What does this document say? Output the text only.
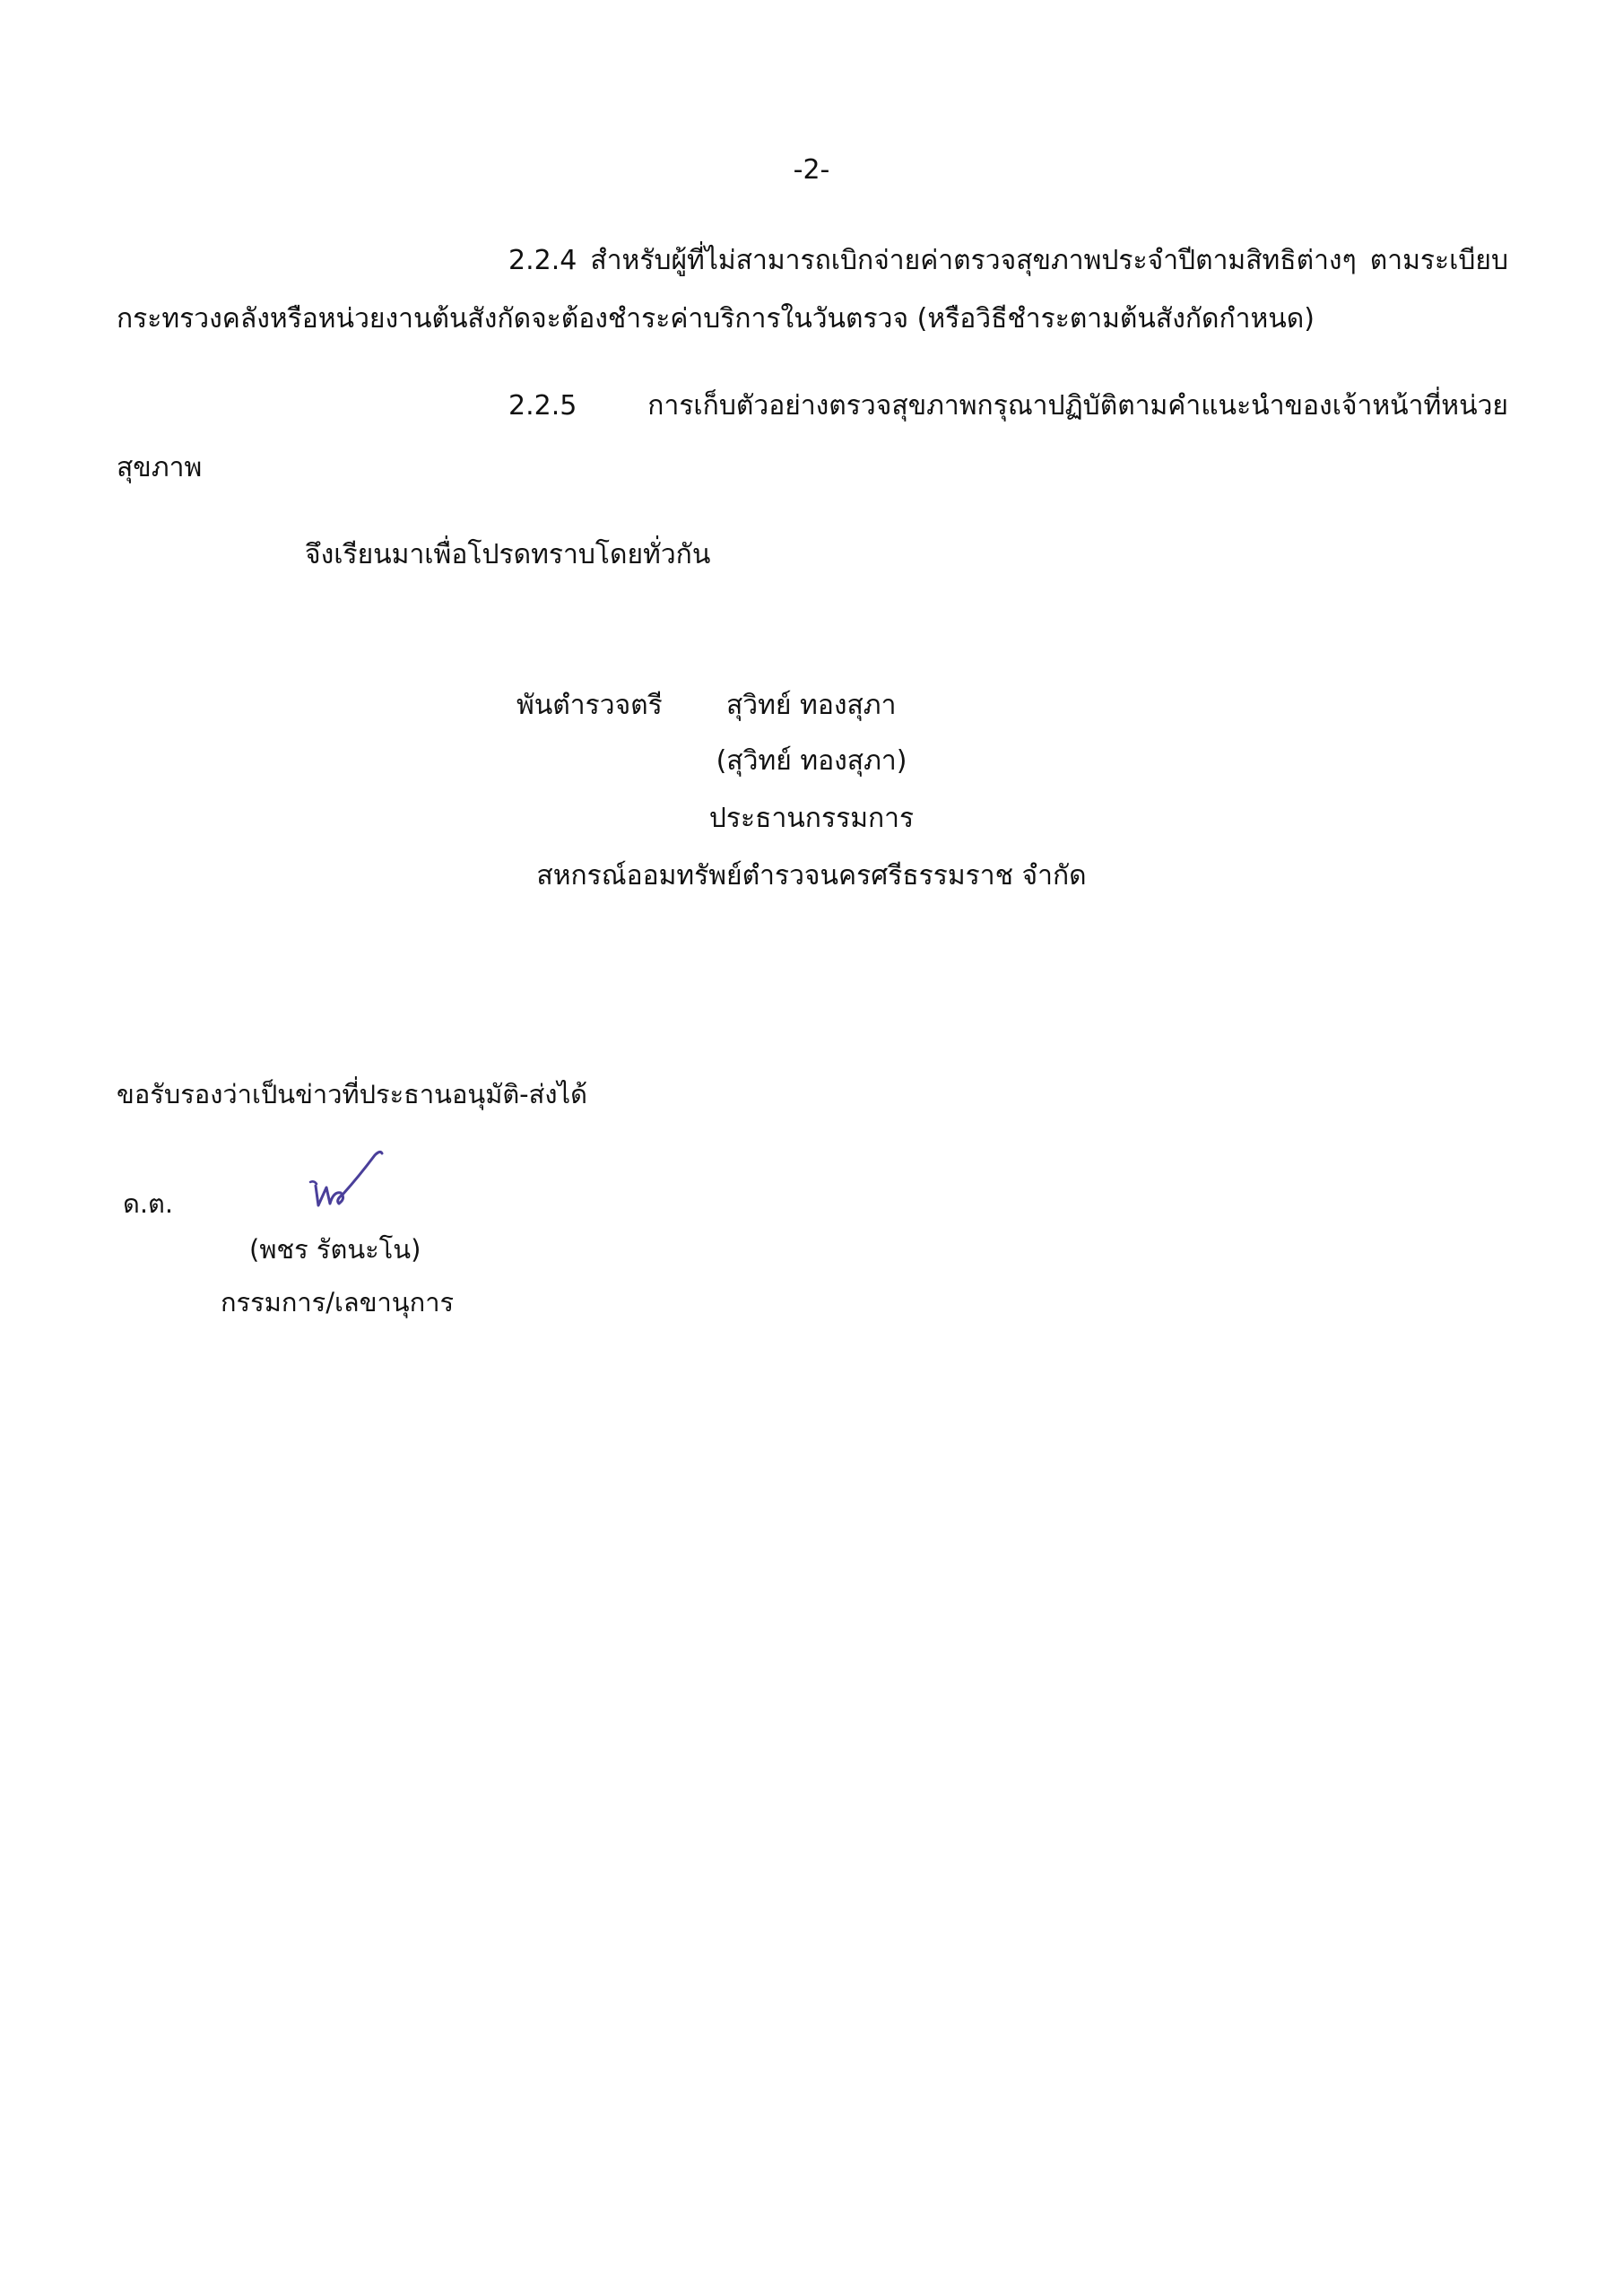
-2-
2.2.4 สำหรับผู้ที่ไม่สามารถเบิกจ่ายค่าตรวจสุขภาพประจำปีตามสิทธิต่างๆ ตามระเบียบ
กระทรวงคลังหรือหน่วยงานต้นสังกัดจะต้องชำระค่าบริการในวันตรวจ (หรือวิธีชำระตามต้นสังกัดกำหนด)
2.2.5 การเก็บตัวอย่างตรวจสุขภาพกรุณาปฏิบัติตามคำแนะนำของเจ้าหน้าที่หน่วย
สุขภาพ
จึงเรียนมาเพื่อโปรดทราบโดยทั่วกัน
พันตำรวจตรี สุวิทย์ ทองสุภา
(สุวิทย์ ทองสุภา)
ประธานกรรมการ
สหกรณ์ออมทรัพย์ตำรวจนครศรีธรรมราช จำกัด
ขอรับรองว่าเป็นข่าวที่ประธานอนุมัติ-ส่งได้
ด.ต.
(พชร รัตนะโน)
กรรมการ/เลขานุการ
